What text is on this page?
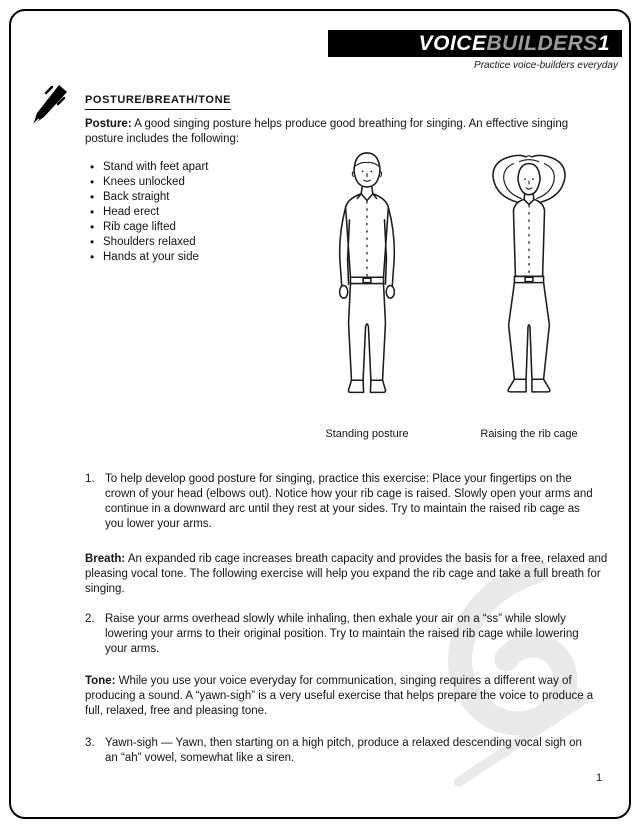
VOICEBUILDERS1
Practice voice-builders everyday
POSTURE/BREATH/TONE

Posture: A good singing posture helps produce good breathing for singing. An effective singing posture includes the following:

• Stand with feet apart
• Knees unlocked
• Back straight
• Head erect
• Rib cage lifted
• Shoulders relaxed
• Hands at your side
Standing posture	Raising the rib cage
1. To help develop good posture for singing, practice this exercise: Place your fingertips on the crown of your head (elbows out). Notice how your rib cage is raised. Slowly open your arms and continue in a downward arc until they rest at your sides. Try to maintain the raised rib cage as you lower your arms.

Breath: An expanded rib cage increases breath capacity and provides the basis for a free, relaxed and pleasing vocal tone. The following exercise will help you expand the rib cage and take a full breath for singing.

2. Raise your arms overhead slowly while inhaling, then exhale your air on a “ss” while slowly lowering your arms to their original position. Try to maintain the raised rib cage while lowering your arms.

Tone: While you use your voice everyday for communication, singing requires a different way of producing a sound. A “yawn-sigh” is a very useful exercise that helps prepare the voice to produce a full, relaxed, free and pleasing tone.

3. Yawn-sigh — Yawn, then starting on a high pitch, produce a relaxed descending vocal sigh on an “ah” vowel, somewhat like a siren.
1
